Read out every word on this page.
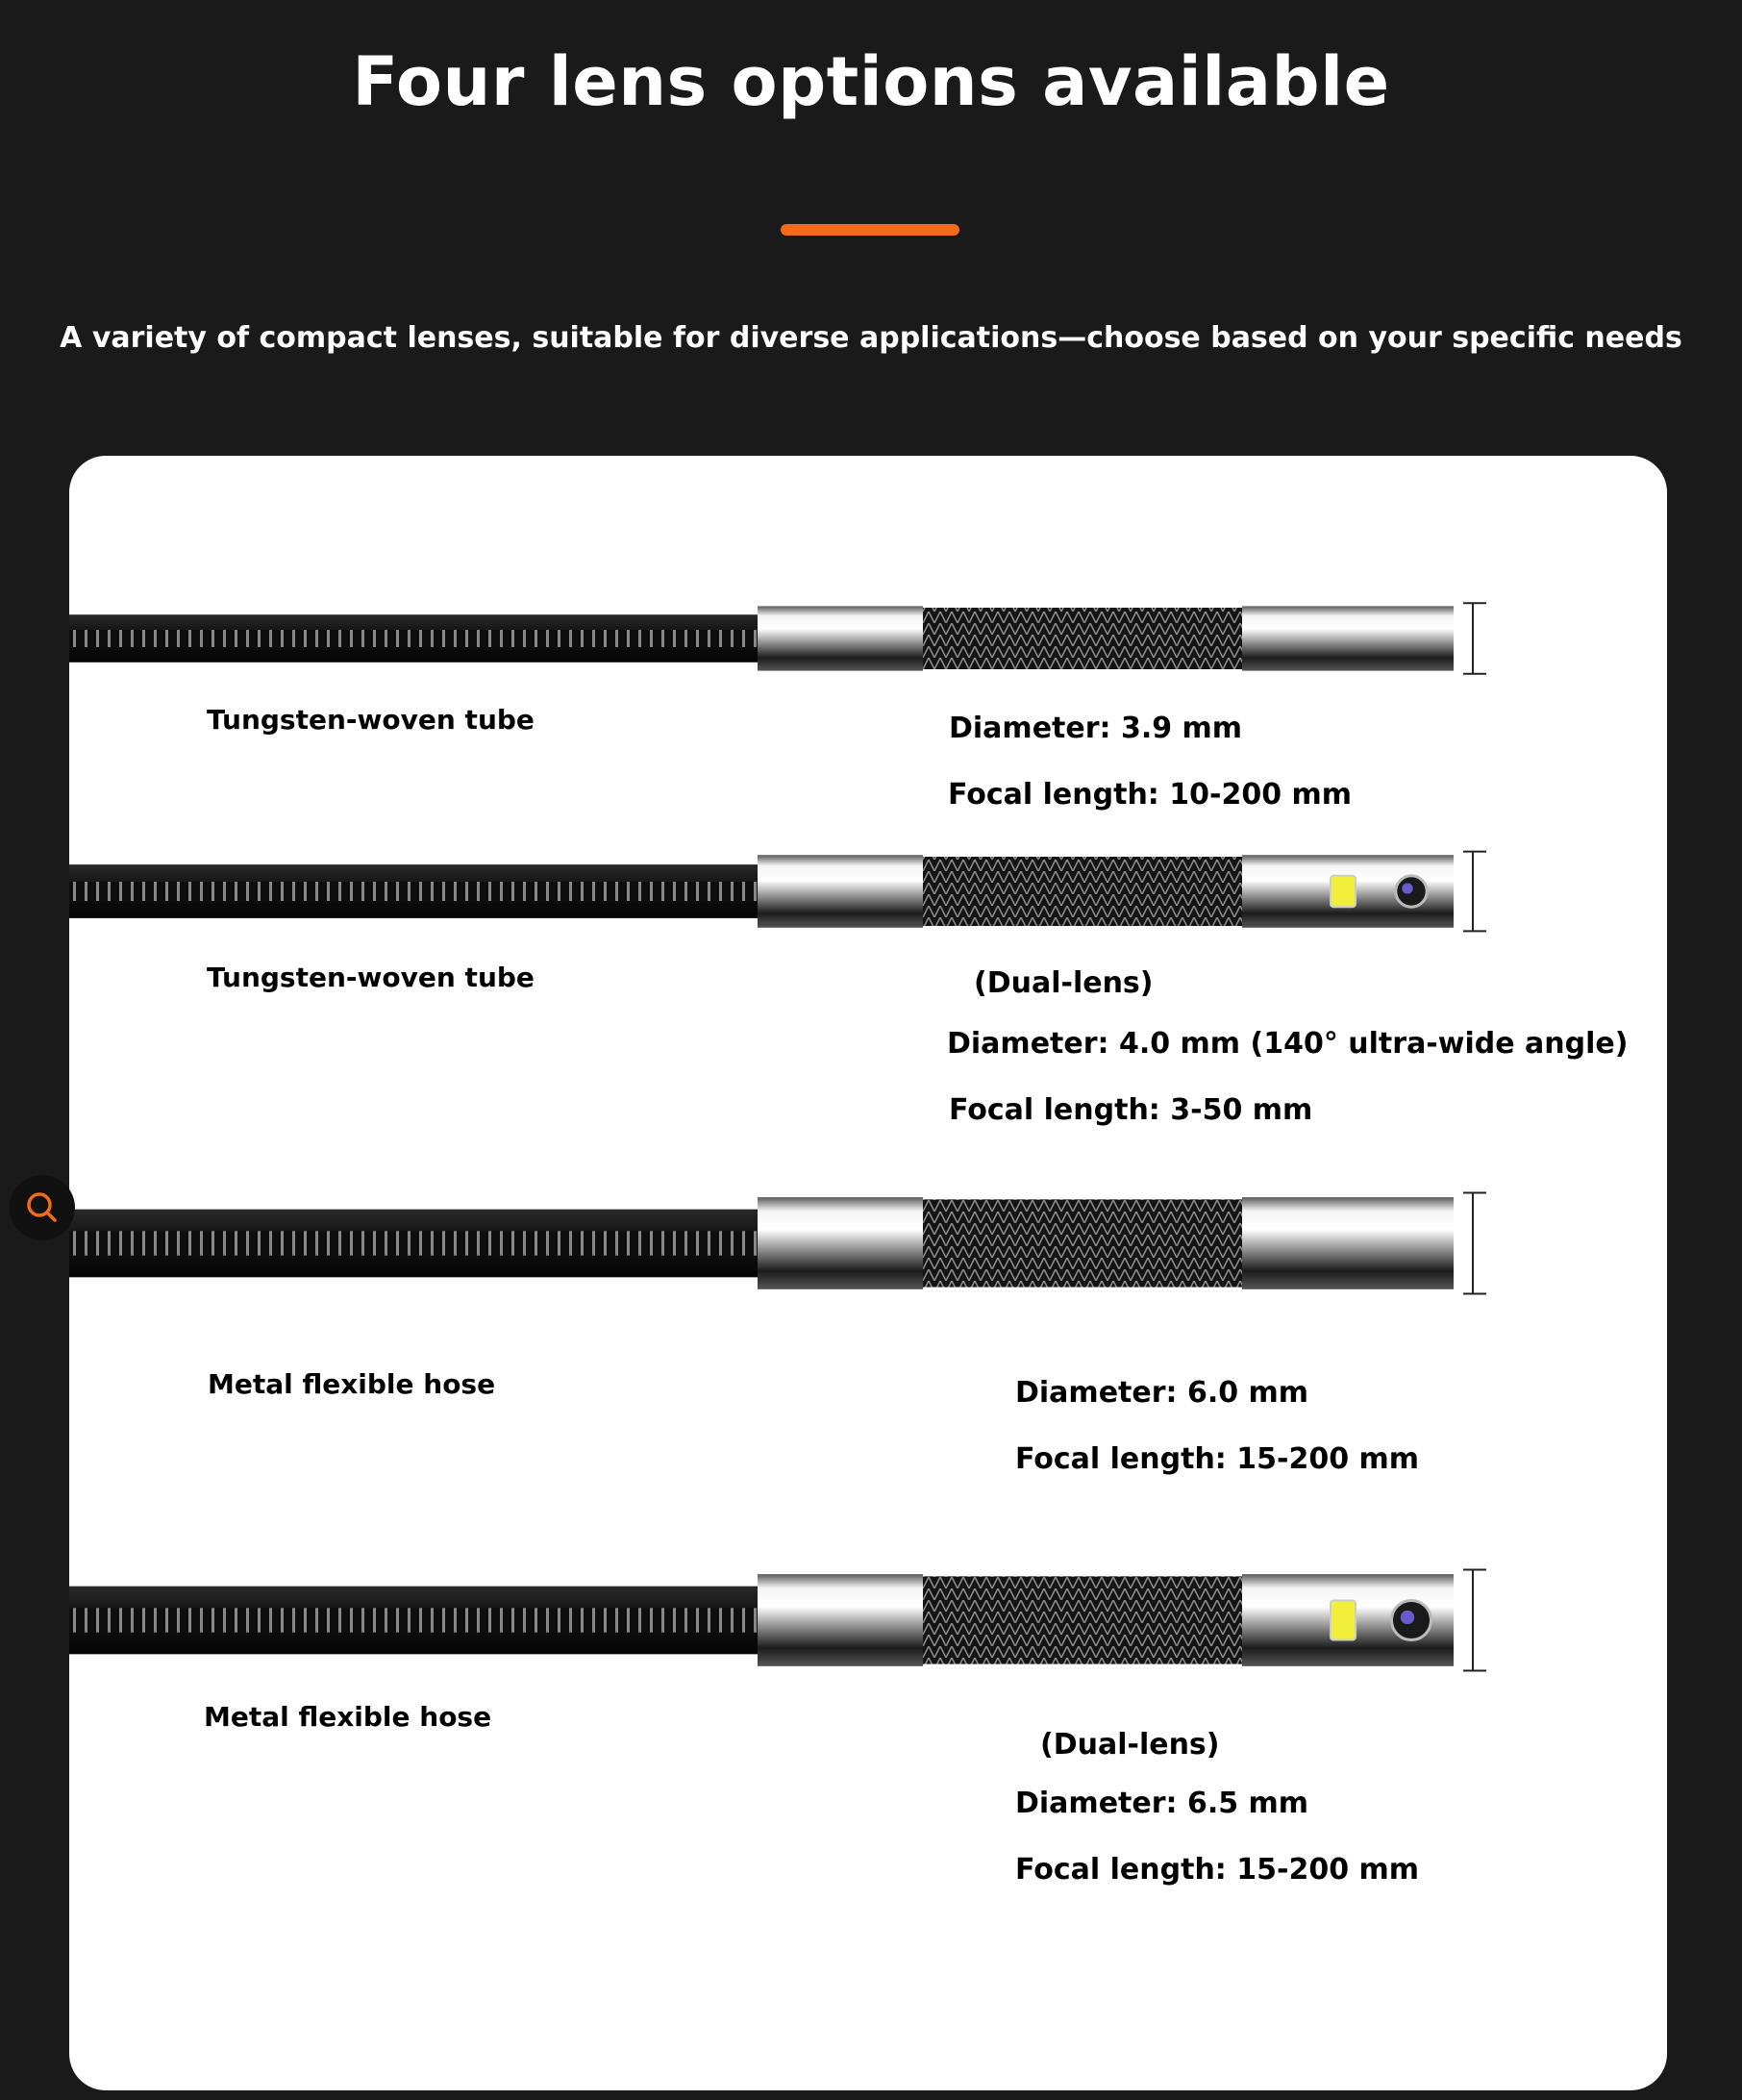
Four lens options available

A variety of compact lenses, suitable for diverse applications—choose based on your specific needs

Tungsten-woven tube	Diameter: 3.9 mm

Focal length: 10-200 mm

Tungsten-woven tube	(Dual-lens)

Diameter: 4.0 mm (140° ultra-wide angle)

Focal length: 3-50 mm

Metal flexible hose	Diameter: 6.0 mm

Focal length: 15-200 mm

Metal flexible hose

(Dual-lens)

Diameter: 6.5 mm

Focal length: 15-200 mm
